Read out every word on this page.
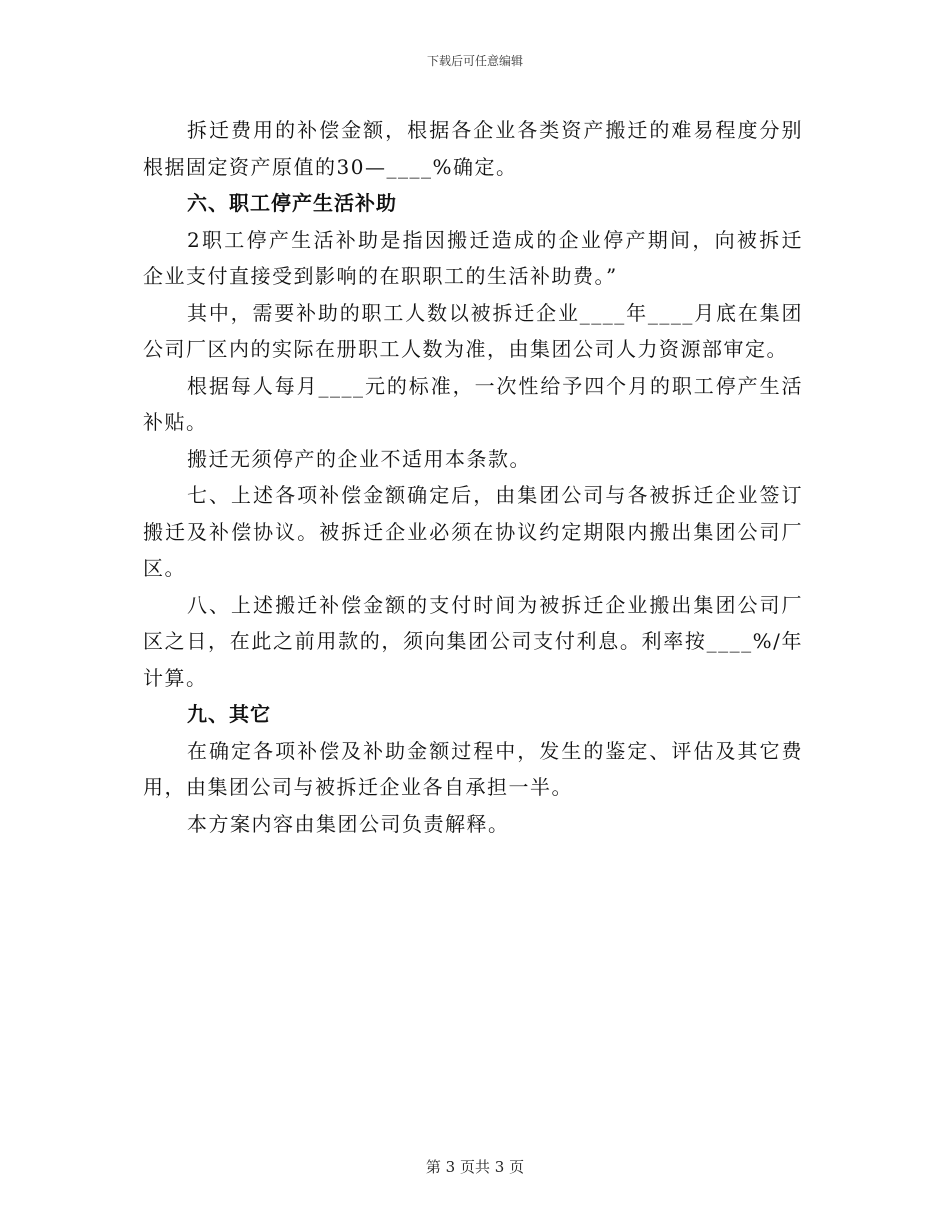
下载后可任意编辑

拆迁费用的补偿金额，根据各企业各类资产搬迁的难易程度分别根据固定资产原值的30—____%确定。

六、职工停产生活补助

2职工停产生活补助是指因搬迁造成的企业停产期间，向被拆迁企业支付直接受到影响的在职职工的生活补助费。”

其中，需要补助的职工人数以被拆迁企业____年____月底在集团公司厂区内的实际在册职工人数为准，由集团公司人力资源部审定。

根据每人每月____元的标准，一次性给予四个月的职工停产生活补贴。

搬迁无须停产的企业不适用本条款。

七、上述各项补偿金额确定后，由集团公司与各被拆迁企业签订搬迁及补偿协议。被拆迁企业必须在协议约定期限内搬出集团公司厂区。

八、上述搬迁补偿金额的支付时间为被拆迁企业搬出集团公司厂区之日，在此之前用款的，须向集团公司支付利息。利率按____%/年计算。

九、其它

在确定各项补偿及补助金额过程中，发生的鉴定、评估及其它费用，由集团公司与被拆迁企业各自承担一半。

本方案内容由集团公司负责解释。

第 3 页共 3 页
